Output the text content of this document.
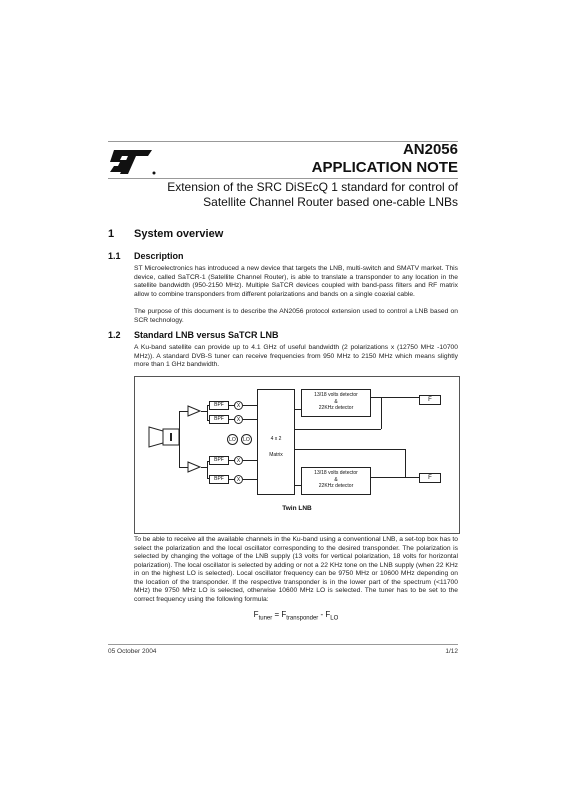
AN2056
APPLICATION NOTE
Extension of the SRC DiSEcQ 1 standard for control of
Satellite Channel Router based one-cable LNBs
1 System overview
1.1 Description
ST Microelectronics has introduced a new device that targets the LNB, multi-switch and SMATV market. This device, called SaTCR-1 (Satellite Channel Router), is able to translate a transponder to any location in the satellite bandwidth (950-2150 MHz). Multiple SaTCR devices coupled with band-pass filters and RF matrix allow to combine transponders from different polarizations and bands on a single coaxial cable.
The purpose of this document is to describe the AN2056 protocol extension used to control a LNB based on SCR technology.
1.2 Standard LNB versus SaTCR LNB
A Ku-band satellite can provide up to 4.1 GHz of useful bandwidth (2 polarizations x (12750 MHz -10700 MHz)). A standard DVB-S tuner can receive frequencies from 950 MHz to 2150 MHz which means slightly more than 1 GHz bandwidth.
BPF
BPF
BPF
BPF
X
X
X
X
LO	LO	4 x 2
Matrix
13/18 volts detector
&
22KHz detector
13/18 volts detector
&
22KHz detector
F
F
Twin LNB
To be able to receive all the available channels in the Ku-band using a conventional LNB, a set-top box has to select the polarization and the local oscillator corresponding to the desired transponder. The polarization is selected by changing the voltage of the LNB supply (13 volts for vertical polarization, 18 volts for horizontal polarization). The local oscillator is selected by adding or not a 22 KHz tone on the LNB supply (when 22 KHz in on the highest LO is selected). Local oscillator frequency can be 9750 MHz or 10600 MHz depending on the location of the transponder. If the respective transponder is in the lower part of the spectrum (<11700 MHz) the 9750 MHz LO is selected, otherwise 10600 MHz LO is selected. The tuner has to be set to the correct frequency using the following formula:
$F_{tuner} = F_{transponder} - F_{LO}$
05 October 2004	1/12
